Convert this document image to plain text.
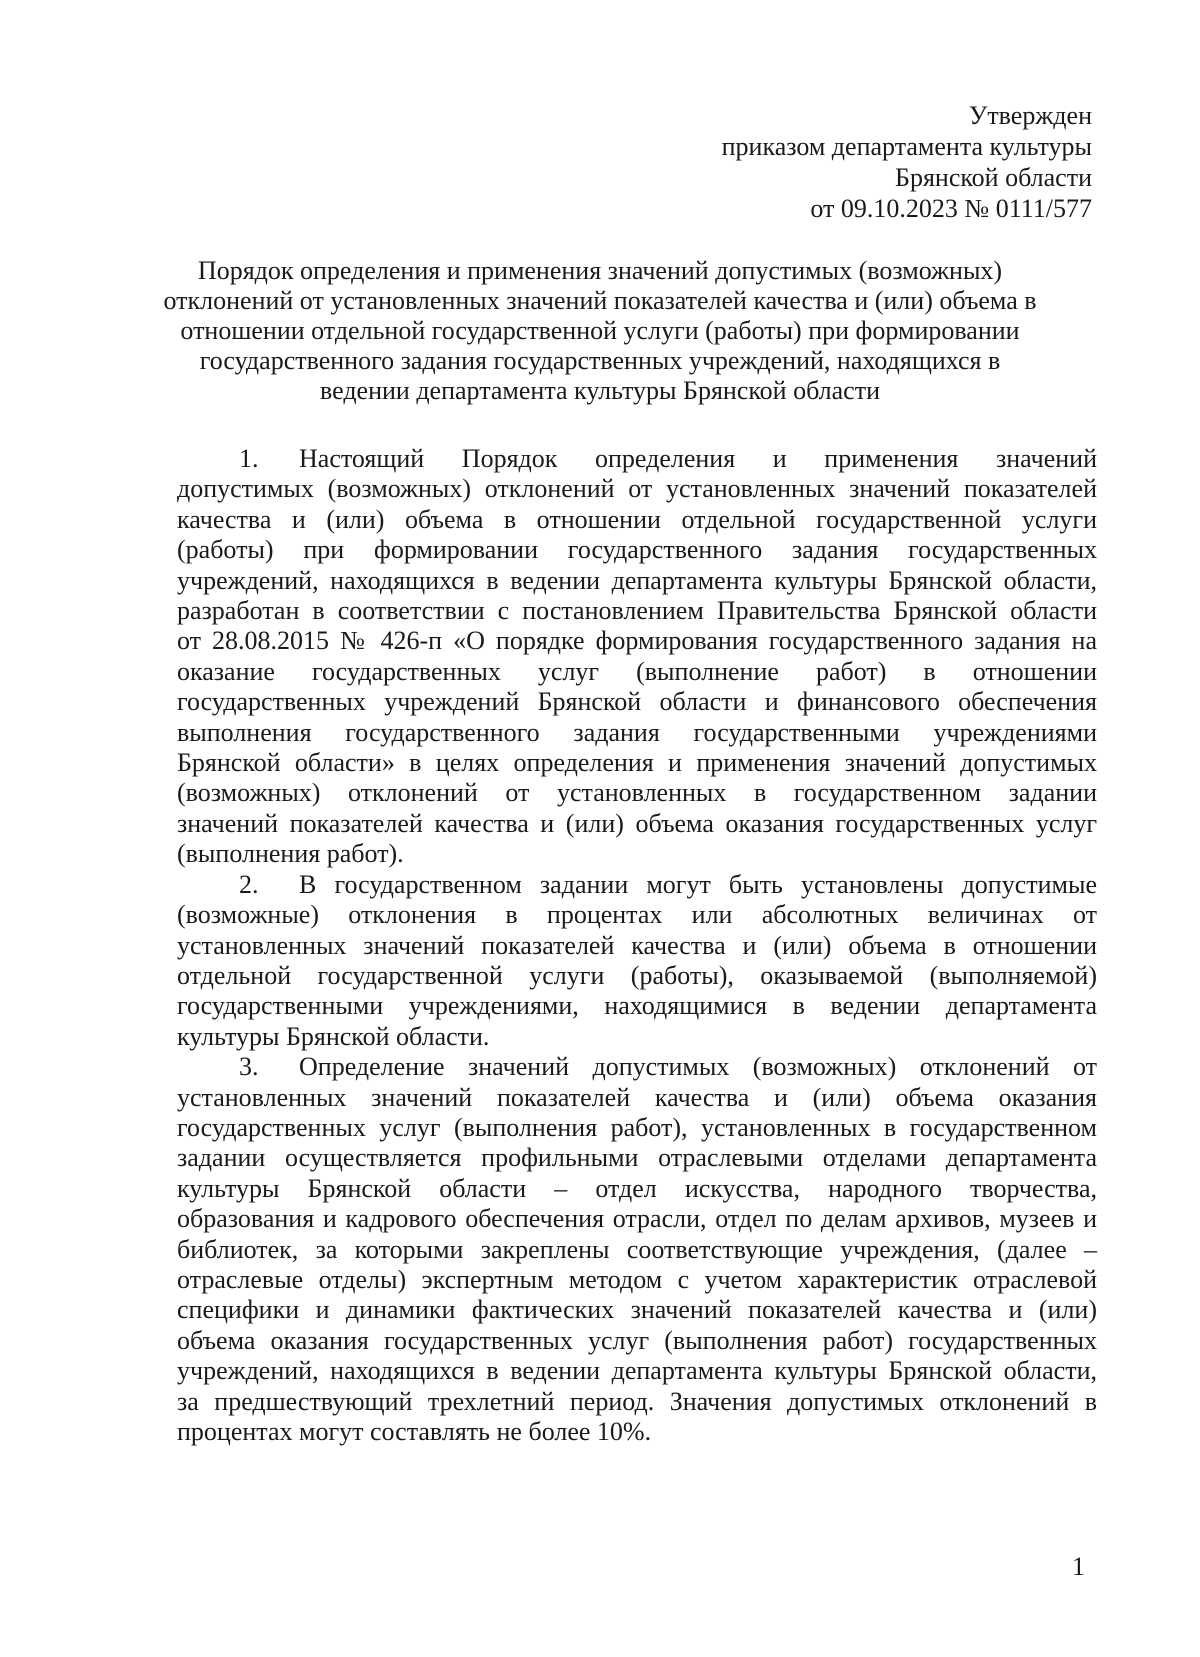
Утвержден
приказом департамента культуры
Брянской области
от 09.10.2023 № 0111/577
Порядок определения и применения значений допустимых (возможных)
отклонений от установленных значений показателей качества и (или) объема в
отношении отдельной государственной услуги (работы) при формировании
государственного задания государственных учреждений, находящихся в
ведении департамента культуры Брянской области
1.	Настоящий Порядок определения и применения значений
допустимых (возможных) отклонений от установленных значений показателей
качества и (или) объема в отношении отдельной государственной услуги
(работы) при формировании государственного задания государственных
учреждений, находящихся в ведении департамента культуры Брянской области,
разработан в соответствии с постановлением Правительства Брянской области
от 28.08.2015 № 426-п «О порядке формирования государственного задания на
оказание государственных услуг (выполнение работ) в отношении
государственных учреждений Брянской области и финансового обеспечения
выполнения государственного задания государственными учреждениями
Брянской области» в целях определения и применения значений допустимых
(возможных) отклонений от установленных в государственном задании
значений показателей качества и (или) объема оказания государственных услуг
(выполнения работ).
2.	В государственном задании могут быть установлены допустимые
(возможные) отклонения в процентах или абсолютных величинах от
установленных значений показателей качества и (или) объема в отношении
отдельной государственной услуги (работы), оказываемой (выполняемой)
государственными учреждениями, находящимися в ведении департамента
культуры Брянской области.
3.	Определение значений допустимых (возможных) отклонений от
установленных значений показателей качества и (или) объема оказания
государственных услуг (выполнения работ), установленных в государственном
задании осуществляется профильными отраслевыми отделами департамента
культуры Брянской области – отдел искусства, народного творчества,
образования и кадрового обеспечения отрасли, отдел по делам архивов, музеев и
библиотек, за которыми закреплены соответствующие учреждения, (далее –
отраслевые отделы) экспертным методом с учетом характеристик отраслевой
специфики и динамики фактических значений показателей качества и (или)
объема оказания государственных услуг (выполнения работ) государственных
учреждений, находящихся в ведении департамента культуры Брянской области,
за предшествующий трехлетний период. Значения допустимых отклонений в
процентах могут составлять не более 10%.
1
